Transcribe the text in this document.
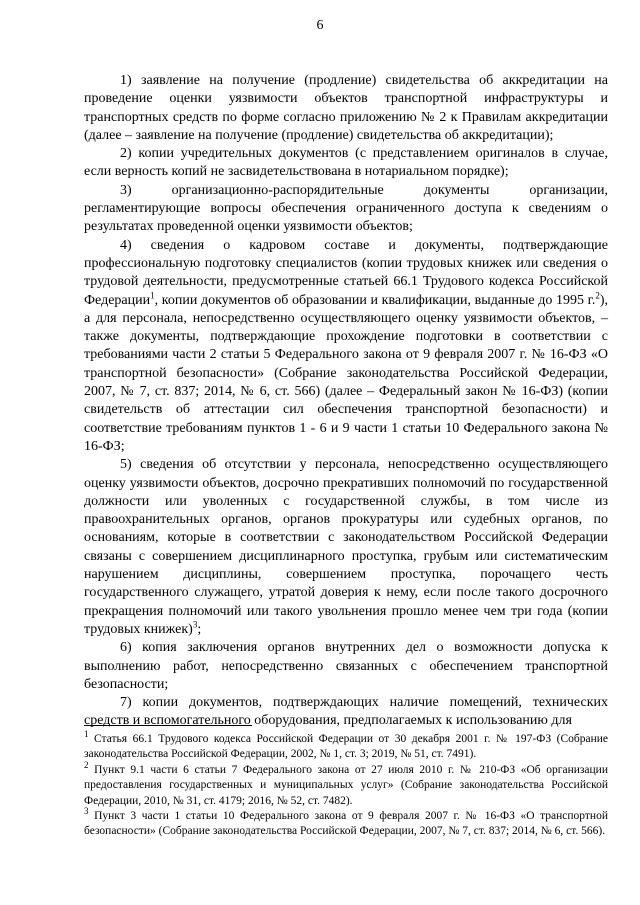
6

1) заявление на получение (продление) свидетельства об аккредитации на проведение оценки уязвимости объектов транспортной инфраструктуры и транспортных средств по форме согласно приложению № 2 к Правилам аккредитации (далее – заявление на получение (продление) свидетельства об аккредитации);

2) копии учредительных документов (с представлением оригиналов в случае, если верность копий не засвидетельствована в нотариальном порядке);

3) организационно-распорядительные документы организации, регламентирующие вопросы обеспечения ограниченного доступа к сведениям о результатах проведенной оценки уязвимости объектов;

4) сведения о кадровом составе и документы, подтверждающие профессиональную подготовку специалистов (копии трудовых книжек или сведения о трудовой деятельности, предусмотренные статьей 66.1 Трудового кодекса Российской Федерации$^1$, копии документов об образовании и квалификации, выданные до 1995 г.$^2$), а для персонала, непосредственно осуществляющего оценку уязвимости объектов, – также документы, подтверждающие прохождение подготовки в соответствии с требованиями части 2 статьи 5 Федерального закона от 9 февраля 2007 г. № 16-ФЗ «О транспортной безопасности» (Собрание законодательства Российской Федерации, 2007, № 7, ст. 837; 2014, № 6, ст. 566) (далее – Федеральный закон № 16-ФЗ) (копии свидетельств об аттестации сил обеспечения транспортной безопасности) и соответствие требованиям пунктов 1 - 6 и 9 части 1 статьи 10 Федерального закона № 16-ФЗ;

5) сведения об отсутствии у персонала, непосредственно осуществляющего оценку уязвимости объектов, досрочно прекративших полномочий по государственной должности или уволенных с государственной службы, в том числе из правоохранительных органов, органов прокуратуры или судебных органов, по основаниям, которые в соответствии с законодательством Российской Федерации связаны с совершением дисциплинарного проступка, грубым или систематическим нарушением дисциплины, совершением проступка, порочащего честь государственного служащего, утратой доверия к нему, если после такого досрочного прекращения полномочий или такого увольнения прошло менее чем три года (копии трудовых книжек)$^3$;

6) копия заключения органов внутренних дел о возможности допуска к выполнению работ, непосредственно связанных с обеспечением транспортной безопасности;

7) копии документов, подтверждающих наличие помещений, технических средств и вспомогательного оборудования, предполагаемых к использованию для

$^1$ Статья 66.1 Трудового кодекса Российской Федерации от 30 декабря 2001 г. № 197-ФЗ (Собрание законодательства Российской Федерации, 2002, № 1, ст. 3; 2019, № 51, ст. 7491).

$^2$ Пункт 9.1 части 6 статьи 7 Федерального закона от 27 июля 2010 г. № 210-ФЗ «Об организации предоставления государственных и муниципальных услуг» (Собрание законодательства Российской Федерации, 2010, № 31, ст. 4179; 2016, № 52, ст. 7482).

$^3$ Пункт 3 части 1 статьи 10 Федерального закона от 9 февраля 2007 г. № 16-ФЗ «О транспортной безопасности» (Собрание законодательства Российской Федерации, 2007, № 7, ст. 837; 2014, № 6, ст. 566).
